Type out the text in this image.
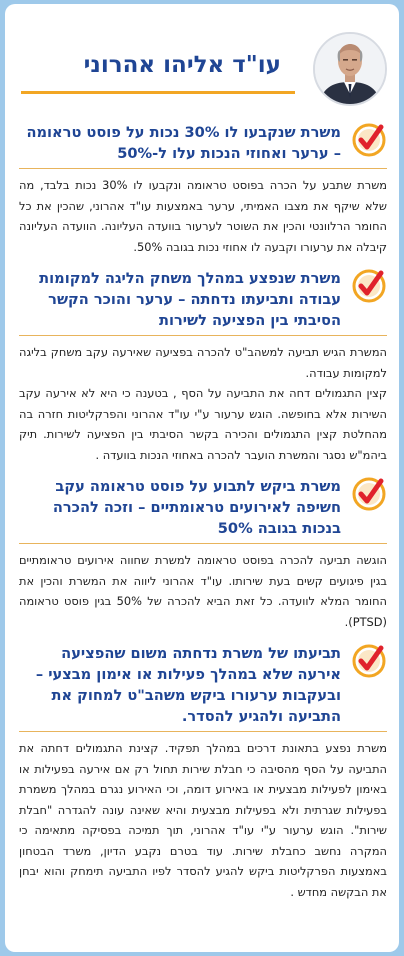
עו"ד אליהו אהרוני
משרת שנקבעו לו 30% נכות על פוסט טראומה – ערער ואחוזי הנכות עלו ל-50%

משרת שתבע על הכרה בפוסט טראומה ונקבעו לו 30% נכות בלבד, מה שלא שיקף את מצבו האמיתי, ערער באמצעות עו"ד אהרוני, שהכין את כל החומר הרלוונטי והכין את השוטר לערעור בוועדה העליונה. הוועדה העליונה קיבלה את ערעורו וקבעה לו אחוזי נכות בגובה 50%.

משרת שנפצע במהלך משחק הליגה למקומות עבודה ותביעתו נדחתה – ערער והוכר הקשר הסיבתי בין הפציעה לשירות

המשרת הגיש תביעה למשהב"ט להכרה בפציעה שאירעה עקב משחק בליגה למקומות עבודה.

קצין התגמולים דחה את התביעה על הסף , בטענה כי היא לא אירעה עקב השירות אלא בחופשה. הוגש ערעור ע"י עו"ד אהרוני והפרקליטות חזרה בה מהחלטת קצין התגמולים והכירה בקשר הסיבתי בין הפציעה לשירות. תיק ביהמ"ש נסגר והמשרת הועבר להכרה באחוזי הנכות בוועדה .

משרת ביקש לתבוע על פוסט טראומה עקב חשיפה לאירועים טראומתיים – וזכה להכרה בנכות בגובה 50%

הוגשה תביעה להכרה בפוסט טראומה למשרת שחווה אירועים טראומתיים בגין פיגועים קשים בעת שירותו. עו"ד אהרוני ליווה את המשרת והכין את החומר המלא לוועדה. כל זאת הביא להכרה של 50% בגין פוסט טראומה (PTSD).

תביעתו של משרת נדחתה משום שהפציעה אירעה שלא במהלך פעילות או אימון מבצעי – ובעקבות ערעורו ביקש משהב"ט למחוק את התביעה ולהגיע להסדר.

משרת נפצע בתאונת דרכים במהלך תפקיד. קצינת התגמולים דחתה את התביעה על הסף מהסיבה כי חבלת שירות תחול רק אם אירעה בפעילות או באימון לפעילות מבצעית או באירוע דומה, וכי האירוע נגרם במהלך משמרת בפעילות שגרתית ולא בפעילות מבצעית והיא שאינה עונה להגדרה "חבלת שירות". הוגש ערעור ע"י עו"ד אהרוני, תוך תמיכה בפסיקה מתאימה כי המקרה נחשב כחבלת שירות. עוד בטרם נקבע הדיון, משרד הבטחון באמצעות הפרקליטות ביקש להגיע להסדר לפיו התביעה תימחק והוא יבחן את הבקשה מחדש .
